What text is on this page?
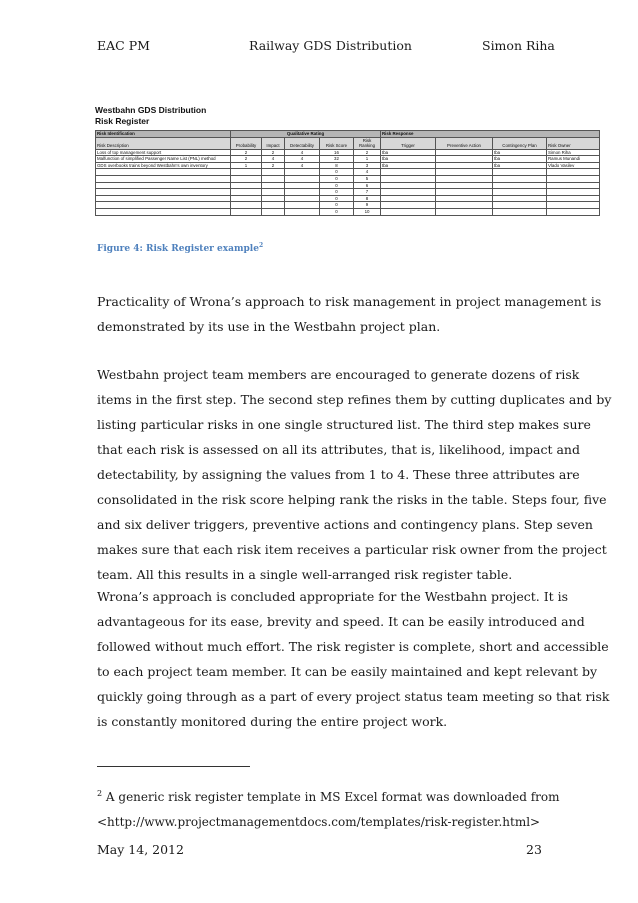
EAC PM	Railway GDS Distribution	Simon Riha
Westbahn GDS Distribution
Risk Register
Risk Identification	Qualitative Rating					Risk Response			
Risk Description	Probability	Impact	Detectability	Risk Score	Risk Ranking	Trigger	Preventive Action	Contingency Plan	Risk Owner
Loss of top management support	2	2	4	16	2	tba		tba	Simon Riha
Malfunction of simplified Passenger Name List (PNL) method	2	4	4	32	1	tba		tba	Ramus Munandi
GDS overbooks trains beyond Westbahn's own inventory	1	2	4	8	3	tba		tba	Vlado Vasilev
				0	4				
				0	5				
				0	6				
				0	7				
				0	8				
				0	9				
				0	10				
Figure 4: Risk Register example$^2$
Practicality of Wrona’s approach to risk management in project management is
demonstrated by its use in the Westbahn project plan.
Westbahn project team members are encouraged to generate dozens of risk
items in the first step. The second step refines them by cutting duplicates and by
listing particular risks in one single structured list. The third step makes sure
that each risk is assessed on all its attributes, that is, likelihood, impact and
detectability, by assigning the values from 1 to 4. These three attributes are
consolidated in the risk score helping rank the risks in the table. Steps four, five
and six deliver triggers, preventive actions and contingency plans. Step seven
makes sure that each risk item receives a particular risk owner from the project
team. All this results in a single well-arranged risk register table.
Wrona’s approach is concluded appropriate for the Westbahn project. It is
advantageous for its ease, brevity and speed. It can be easily introduced and
followed without much effort. The risk register is complete, short and accessible
to each project team member. It can be easily maintained and kept relevant by
quickly going through as a part of every project status team meeting so that risk
is constantly monitored during the entire project work.
$^2$ A generic risk register template in MS Excel format was downloaded from
<http://www.projectmanagementdocs.com/templates/risk-register.html>
May 14, 2012	23
